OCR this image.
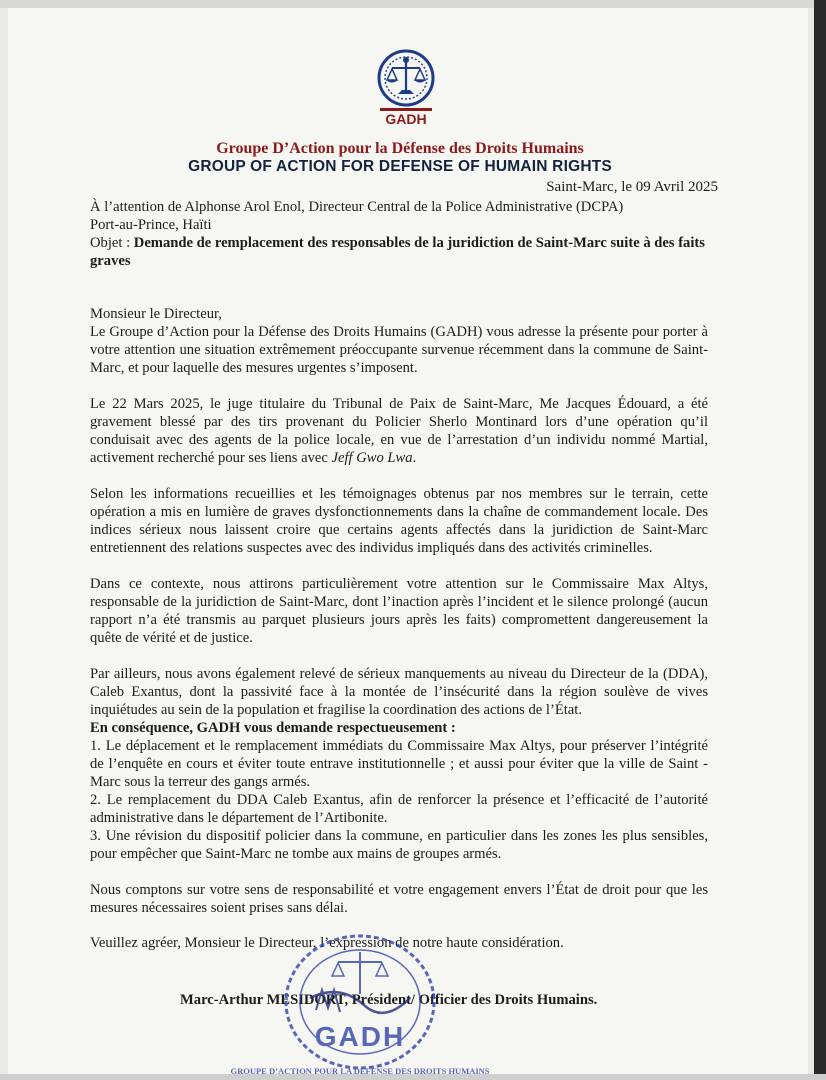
GADH
Groupe D’Action pour la Défense des Droits Humains
GROUP OF ACTION FOR DEFENSE OF HUMAIN RIGHTS
Saint-Marc, le 09 Avril 2025

À l’attention de Alphonse Arol Enol, Directeur Central de la Police Administrative (DCPA)

Port-au-Prince, Haïti

Objet : Demande de remplacement des responsables de la juridiction de Saint-Marc suite à des faits graves

Monsieur le Directeur,

Le Groupe d’Action pour la Défense des Droits Humains (GADH) vous adresse la présente pour porter à votre attention une situation extrêmement préoccupante survenue récemment dans la commune de Saint-Marc, et pour laquelle des mesures urgentes s’imposent.

Le 22 Mars 2025, le juge titulaire du Tribunal de Paix de Saint-Marc, Me Jacques Édouard, a été gravement blessé par des tirs provenant du Policier Sherlo Montinard lors d’une opération qu’il conduisait avec des agents de la police locale, en vue de l’arrestation d’un individu nommé Martial, activement recherché pour ses liens avec Jeff Gwo Lwa.

Selon les informations recueillies et les témoignages obtenus par nos membres sur le terrain, cette opération a mis en lumière de graves dysfonctionnements dans la chaîne de commandement locale. Des indices sérieux nous laissent croire que certains agents affectés dans la juridiction de Saint-Marc entretiennent des relations suspectes avec des individus impliqués dans des activités criminelles.

Dans ce contexte, nous attirons particulièrement votre attention sur le Commissaire Max Altys, responsable de la juridiction de Saint-Marc, dont l’inaction après l’incident et le silence prolongé (aucun rapport n’a été transmis au parquet plusieurs jours après les faits) compromettent dangereusement la quête de vérité et de justice.

Par ailleurs, nous avons également relevé de sérieux manquements au niveau du Directeur de la (DDA), Caleb Exantus, dont la passivité face à la montée de l’insécurité dans la région soulève de vives inquiétudes au sein de la population et fragilise la coordination des actions de l’État.

En conséquence, GADH vous demande respectueusement :

1. Le déplacement et le remplacement immédiats du Commissaire Max Altys, pour préserver l’intégrité de l’enquête en cours et éviter toute entrave institutionnelle ; et aussi pour éviter que la ville de Saint -Marc sous la terreur des gangs armés.

2. Le remplacement du DDA Caleb Exantus, afin de renforcer la présence et l’efficacité de l’autorité administrative dans le département de l’Artibonite.

3. Une révision du dispositif policier dans la commune, en particulier dans les zones les plus sensibles, pour empêcher que Saint-Marc ne tombe aux mains de groupes armés.

Nous comptons sur votre sens de responsabilité et votre engagement envers l’État de droit pour que les mesures nécessaires soient prises sans délai.

Veuillez agréer, Monsieur le Directeur, l’expression de notre haute considération.

Marc-Arthur MESIDORT, Président/ Officier des Droits Humains.
GADH
GROUPE D’ACTION POUR LA DÉFENSE DES DROITS HUMAINS
